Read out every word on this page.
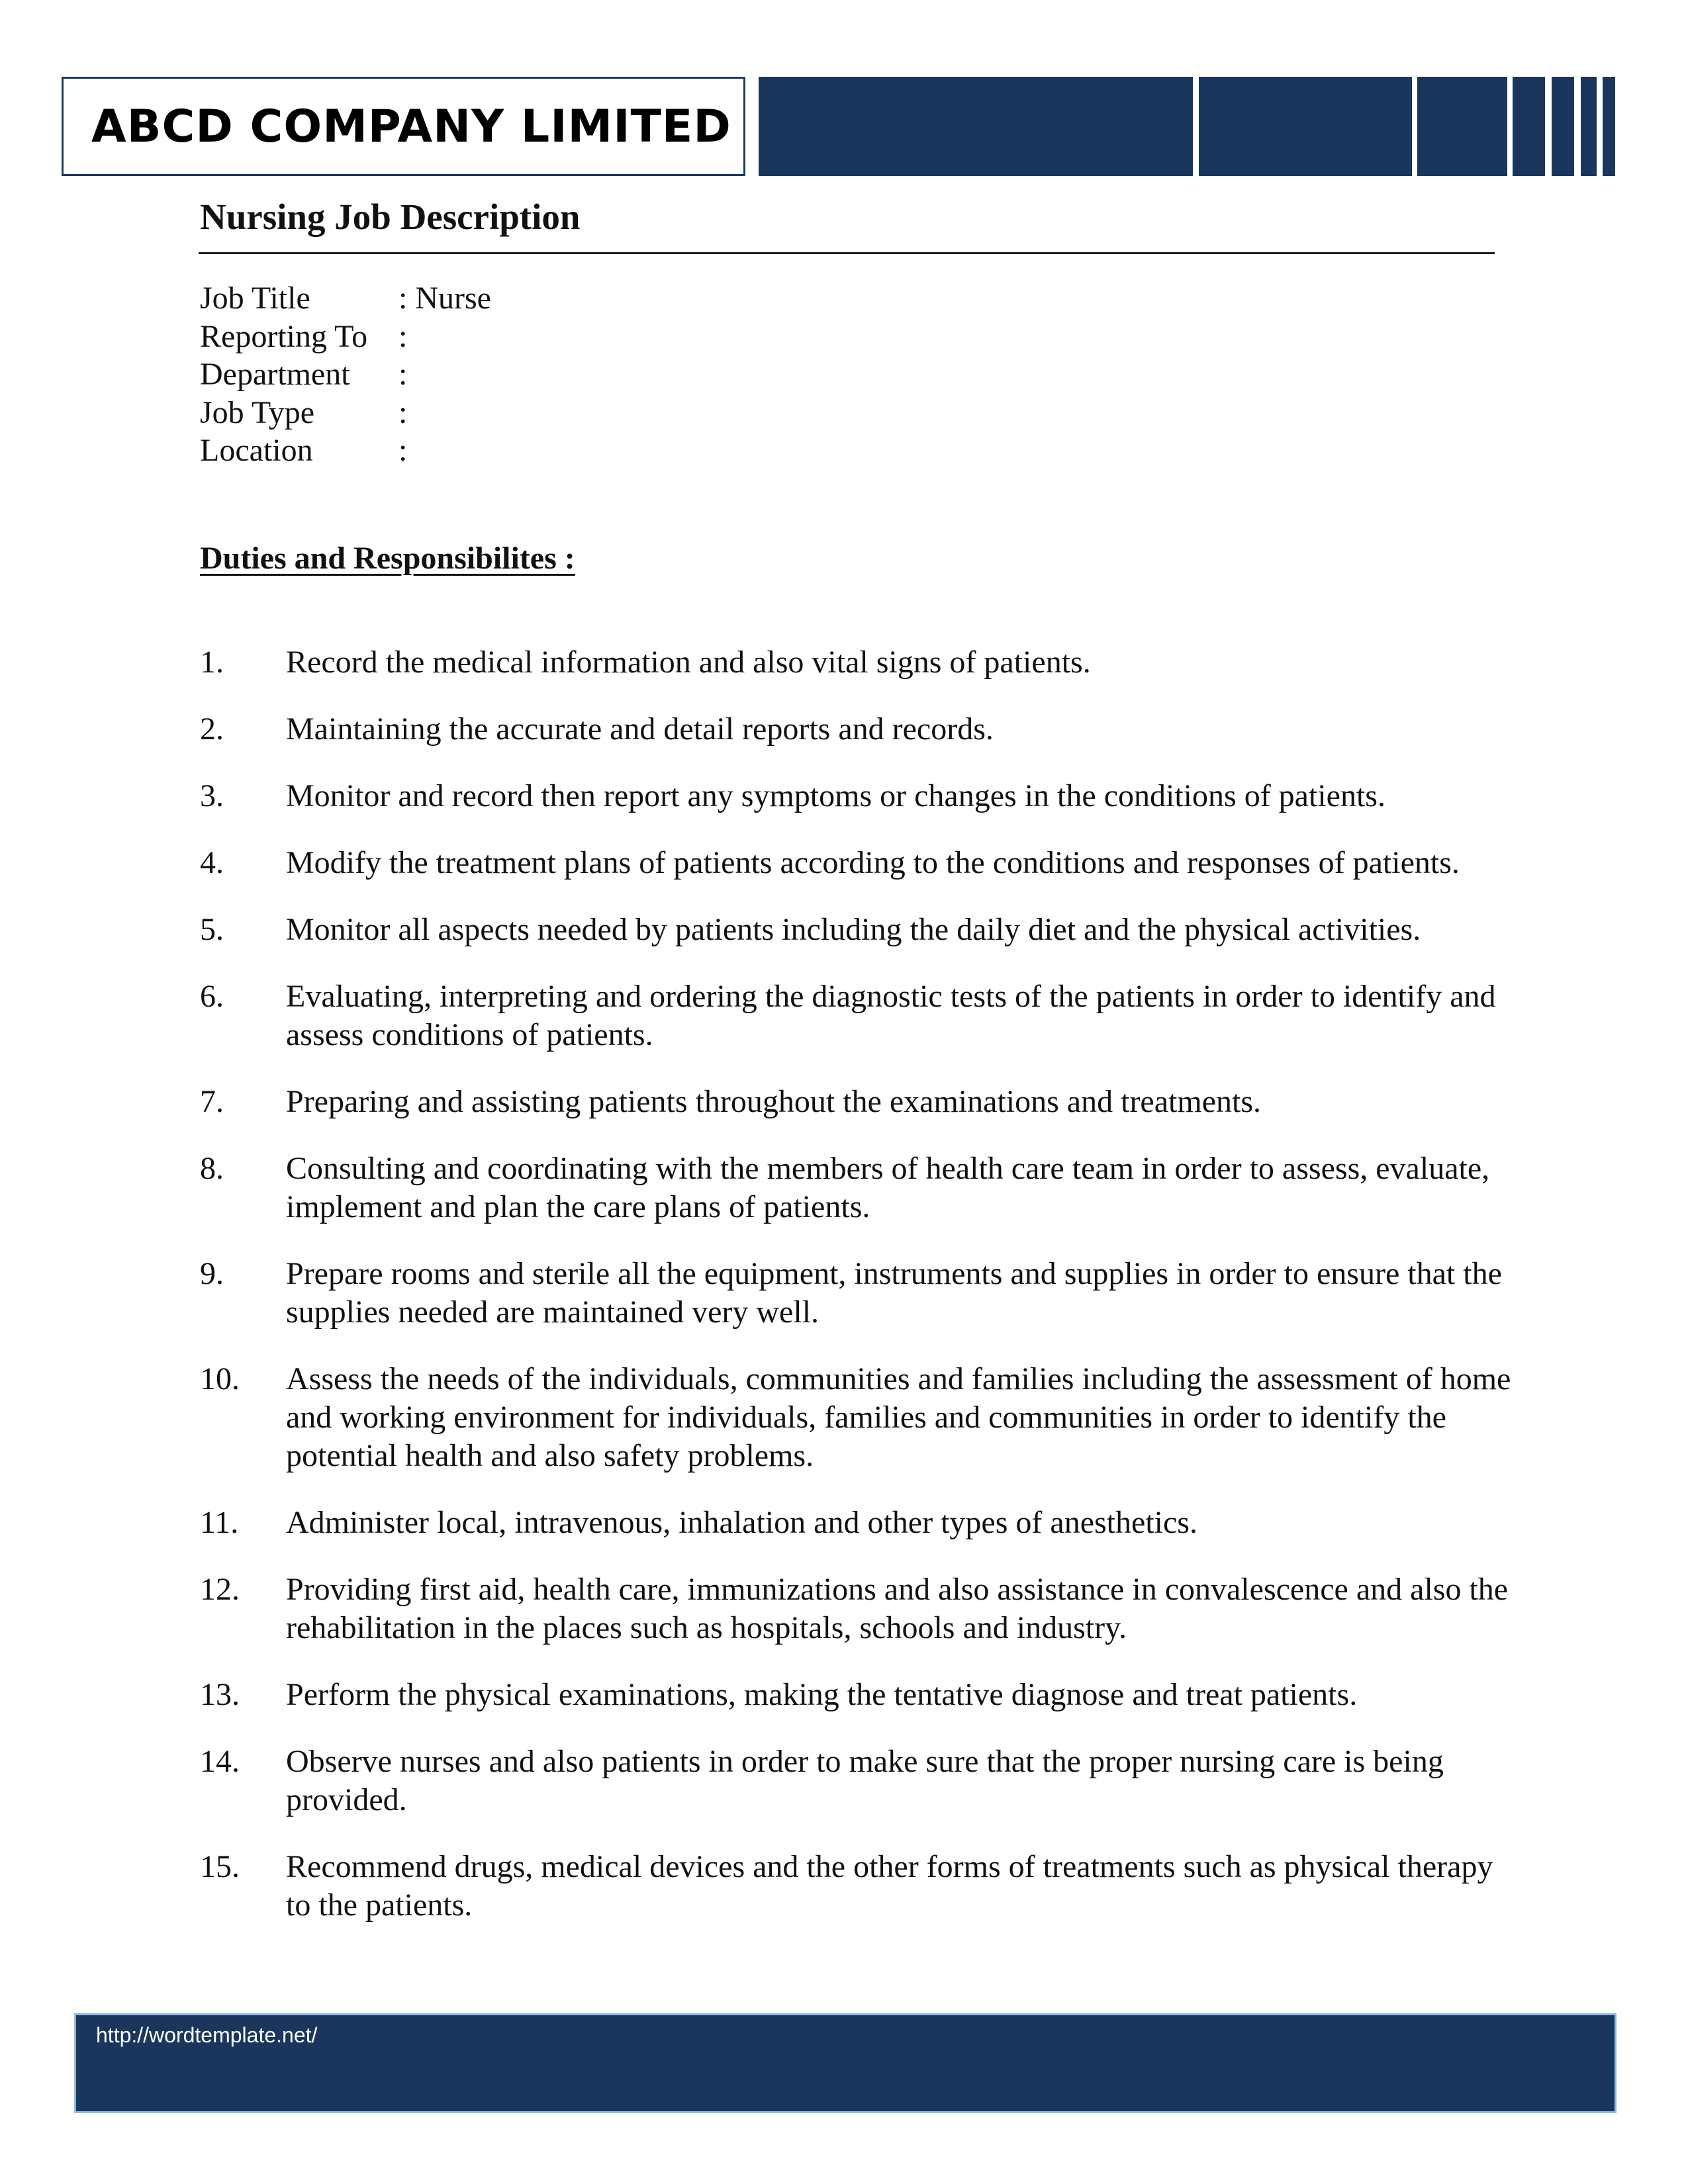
ABCD COMPANY LIMITED
Nursing Job Description
Job Title	: Nurse
Reporting To :
Department	:
Job Type	:
Location	:
Duties and Responsibilites :
1. Record the medical information and also vital signs of patients.
2. Maintaining the accurate and detail reports and records.
3. Monitor and record then report any symptoms or changes in the conditions of patients.
4. Modify the treatment plans of patients according to the conditions and responses of patients.
5. Monitor all aspects needed by patients including the daily diet and the physical activities.
6. Evaluating, interpreting and ordering the diagnostic tests of the patients in order to identify and assess conditions of patients.
7. Preparing and assisting patients throughout the examinations and treatments.
8. Consulting and coordinating with the members of health care team in order to assess, evaluate, implement and plan the care plans of patients.
9. Prepare rooms and sterile all the equipment, instruments and supplies in order to ensure that the supplies needed are maintained very well.
10. Assess the needs of the individuals, communities and families including the assessment of home and working environment for individuals, families and communities in order to identify the potential health and also safety problems.
11. Administer local, intravenous, inhalation and other types of anesthetics.
12. Providing first aid, health care, immunizations and also assistance in convalescence and also the rehabilitation in the places such as hospitals, schools and industry.
13. Perform the physical examinations, making the tentative diagnose and treat patients.
14. Observe nurses and also patients in order to make sure that the proper nursing care is being provided.
15. Recommend drugs, medical devices and the other forms of treatments such as physical therapy to the patients.
http://wordtemplate.net/
